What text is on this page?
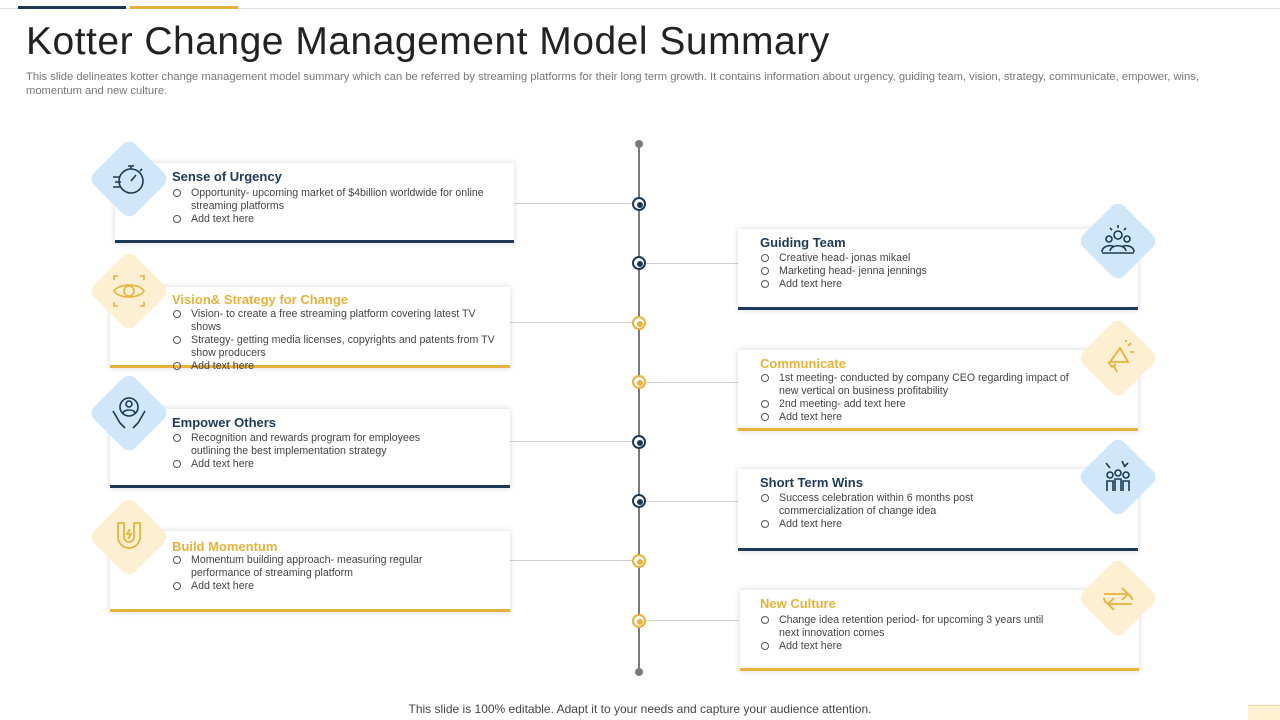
Kotter Change Management Model Summary
This slide delineates kotter change management model summary which can be referred by streaming platforms for their long term growth. It contains information about urgency, guiding team, vision, strategy, communicate, empower, wins, momentum and new culture.
Sense of Urgency
Opportunity- upcoming market of $4billion worldwide for online streaming platforms
Add text here
Vision& Strategy for Change
Vision- to create a free streaming platform covering latest TV shows
Strategy- getting media licenses, copyrights and patents from TV show producers
Add text here
Empower Others
Recognition and rewards program for employees outlining the best implementation strategy
Add text here
Build Momentum
Momentum building approach- measuring regular performance of streaming platform
Add text here
Guiding Team
Creative head- jonas mikael
Marketing head- jenna jennings
Add text here
Communicate
1st meeting- conducted by company CEO regarding impact of new vertical on business profitability
2nd meeting- add text here
Add text here
Short Term Wins
Success celebration within 6 months post commercialization of change idea
Add text here
New Culture
Change idea retention period- for upcoming 3 years until next innovation comes
Add text here
This slide is 100% editable. Adapt it to your needs and capture your audience attention.
